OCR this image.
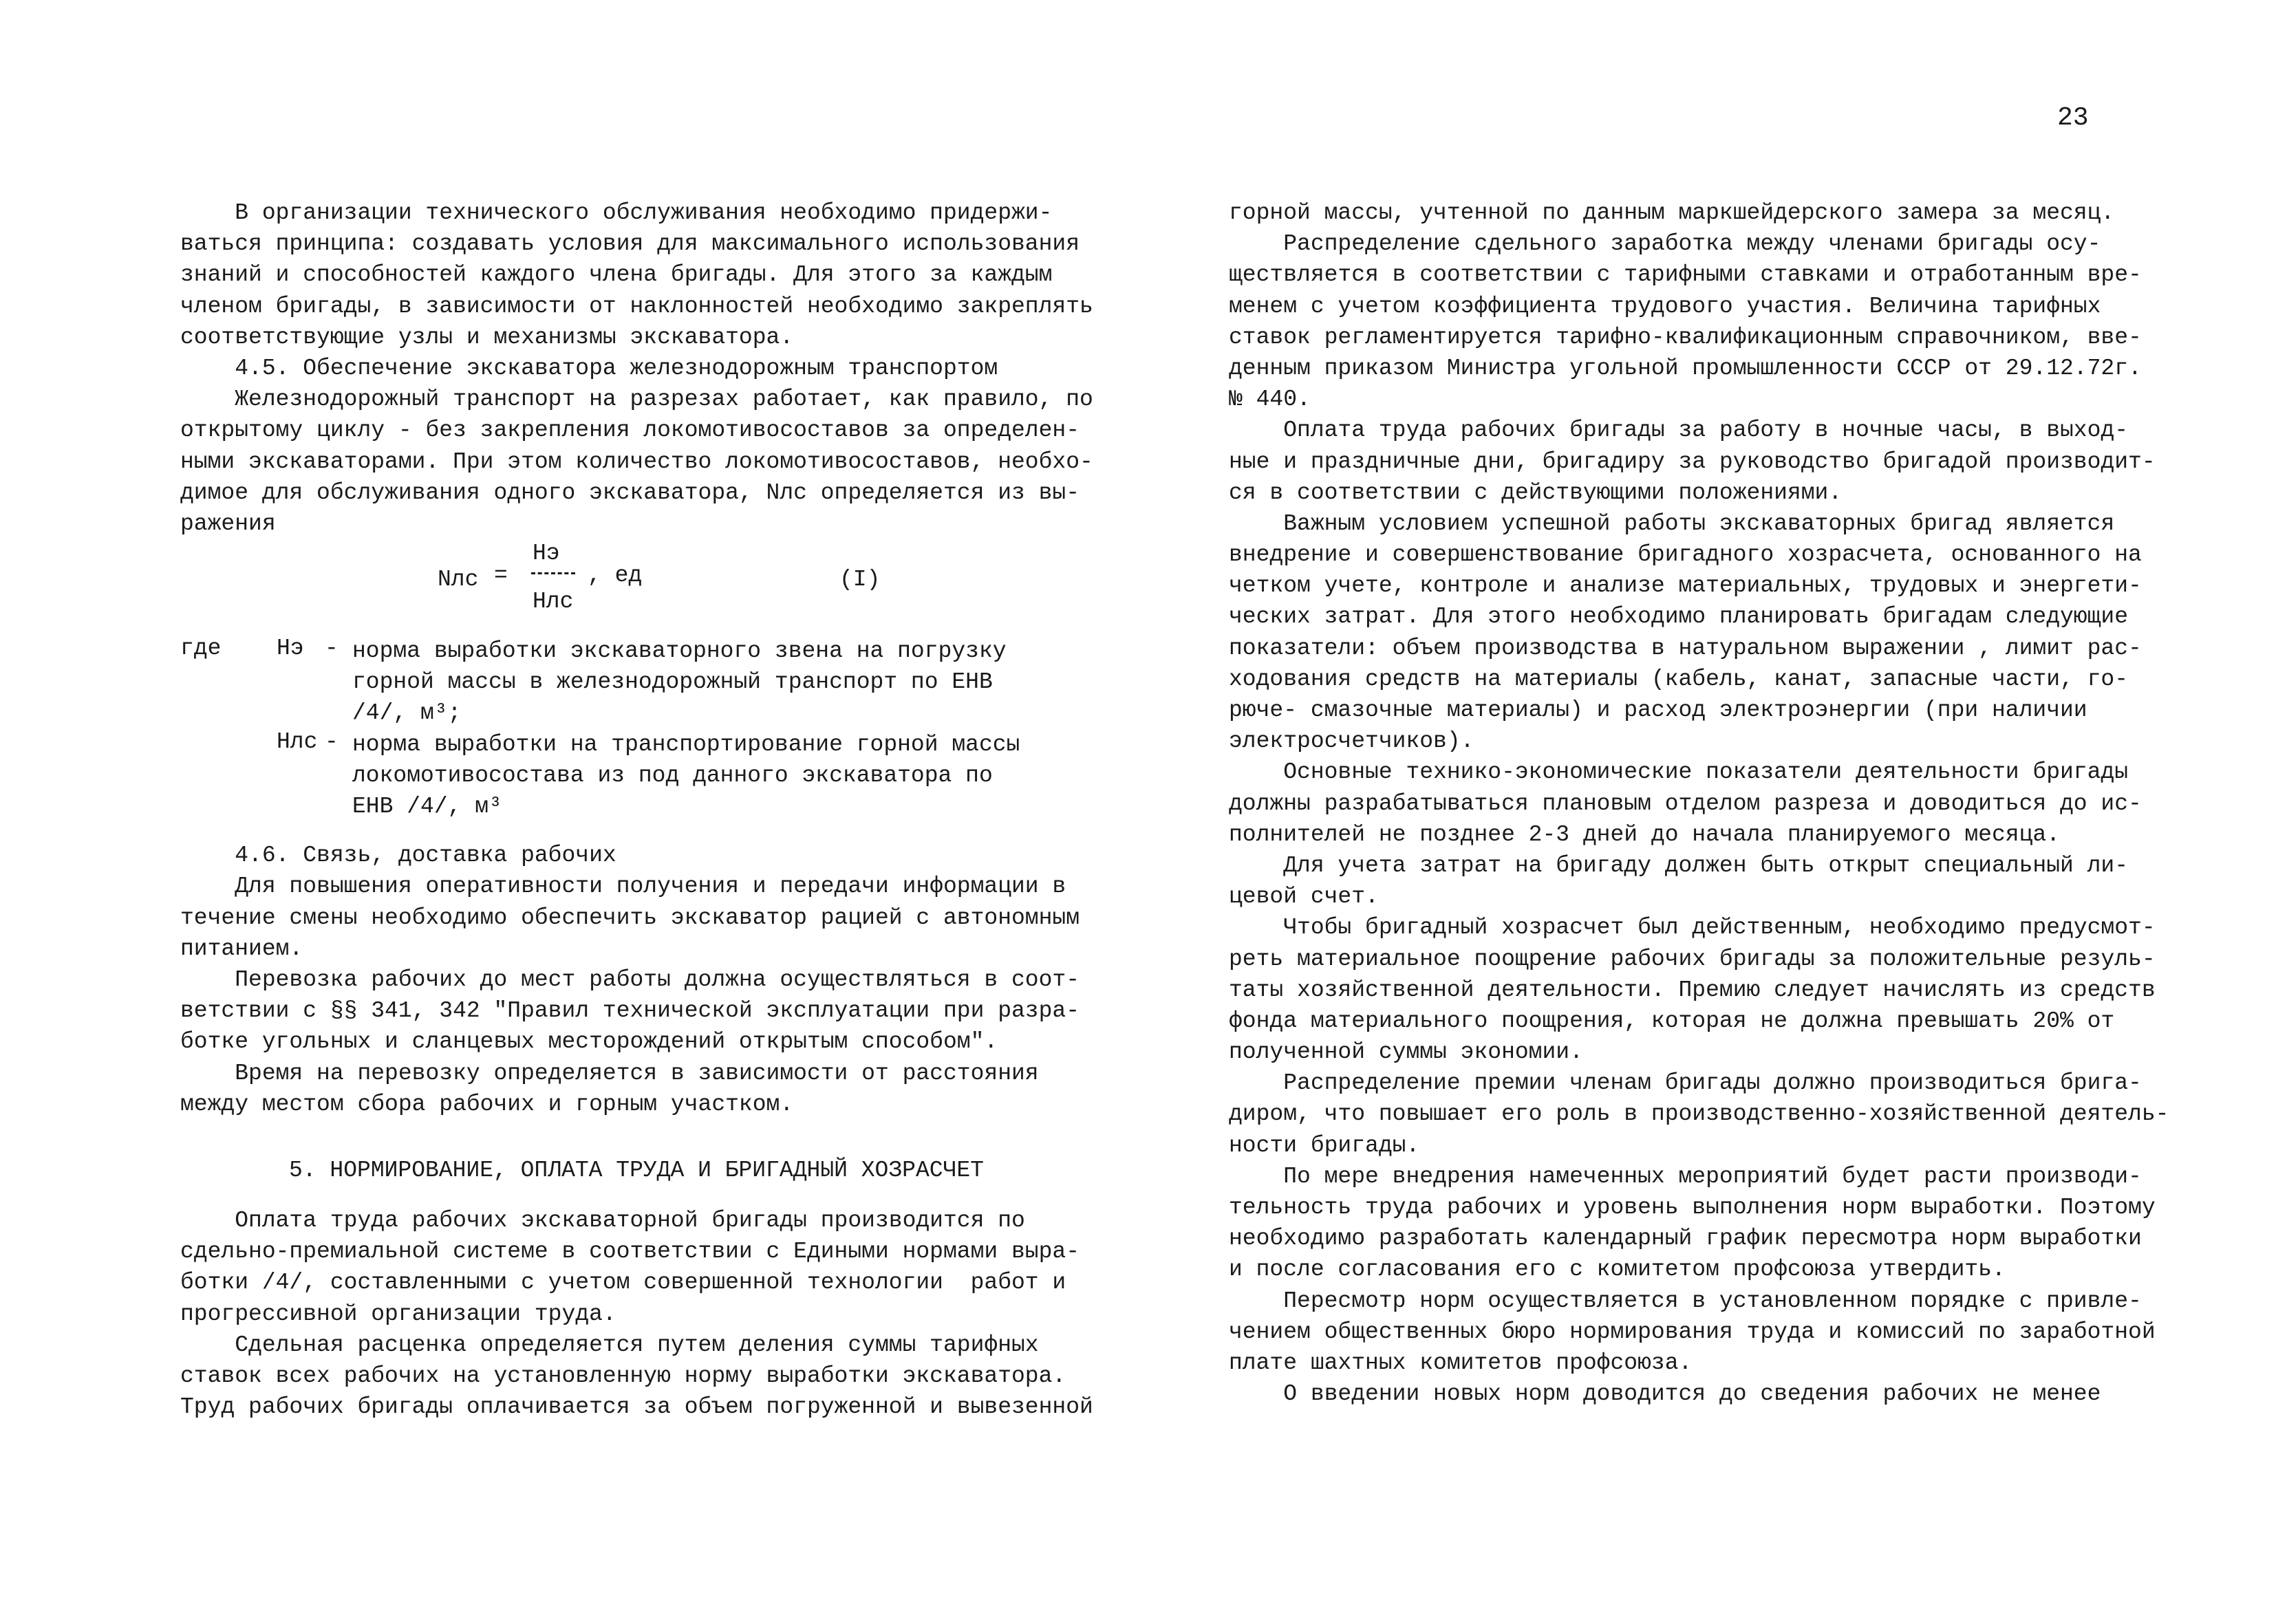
23
В организации технического обслуживания необходимо придержи-
ваться принципа: создавать условия для максимального использования
знаний и способностей каждого члена бригады. Для этого за каждым
членом бригады, в зависимости от наклонностей необходимо закреплять
соответствующие узлы и механизмы экскаватора.
4.5. Обеспечение экскаватора железнодорожным транспортом
Железнодорожный транспорт на разрезах работает, как правило, по
открытому циклу - без закрепления локомотивосоставов за определен-
ными экскаваторами. При этом количество локомотивосоставов, необхо-
димое для обслуживания одного экскаватора, Nлс определяется из вы-
ражения
Nлс =
Нэ
Нлс
, ед	(I)
где Нэ - норма выработки экскаваторного звена на погрузку
горной массы в железнодорожный транспорт по ЕНВ
/4/, м³;
Нлс - норма выработки на транспортирование горной массы
локомотивосостава из под данного экскаватора по
ЕНВ /4/, м³
4.6. Связь, доставка рабочих
Для повышения оперативности получения и передачи информации в
течение смены необходимо обеспечить экскаватор рацией с автономным
питанием.
Перевозка рабочих до мест работы должна осуществляться в соот-
ветствии с §§ 341, 342 "Правил технической эксплуатации при разра-
ботке угольных и сланцевых месторождений открытым способом".
Время на перевозку определяется в зависимости от расстояния
между местом сбора рабочих и горным участком.
5. НОРМИРОВАНИЕ, ОПЛАТА ТРУДА И БРИГАДНЫЙ ХОЗРАСЧЕТ
Оплата труда рабочих экскаваторной бригады производится по
сдельно-премиальной системе в соответствии с Едиными нормами выра-
ботки /4/, составленными с учетом совершенной технологии  работ и
прогрессивной организации труда.
Сдельная расценка определяется путем деления суммы тарифных
ставок всех рабочих на установленную норму выработки экскаватора.
Труд рабочих бригады оплачивается за объем погруженной и вывезенной
горной массы, учтенной по данным маркшейдерского замера за месяц.
Распределение сдельного заработка между членами бригады осу-
ществляется в соответствии с тарифными ставками и отработанным вре-
менем с учетом коэффициента трудового участия. Величина тарифных
ставок регламентируется тарифно-квалификационным справочником, вве-
денным приказом Министра угольной промышленности СССР от 29.12.72г.
№ 440.
Оплата труда рабочих бригады за работу в ночные часы, в выход-
ные и праздничные дни, бригадиру за руководство бригадой производит-
ся в соответствии с действующими положениями.
Важным условием успешной работы экскаваторных бригад является
внедрение и совершенствование бригадного хозрасчета, основанного на
четком учете, контроле и анализе материальных, трудовых и энергети-
ческих затрат. Для этого необходимо планировать бригадам следующие
показатели: объем производства в натуральном выражении , лимит рас-
ходования средств на материалы (кабель, канат, запасные части, го-
рюче- смазочные материалы) и расход электроэнергии (при наличии
электросчетчиков).
Основные технико-экономические показатели деятельности бригады
должны разрабатываться плановым отделом разреза и доводиться до ис-
полнителей не позднее 2-3 дней до начала планируемого месяца.
Для учета затрат на бригаду должен быть открыт специальный ли-
цевой счет.
Чтобы бригадный хозрасчет был действенным, необходимо предусмот-
реть материальное поощрение рабочих бригады за положительные резуль-
таты хозяйственной деятельности. Премию следует начислять из средств
фонда материального поощрения, которая не должна превышать 20% от
полученной суммы экономии.
Распределение премии членам бригады должно производиться брига-
диром, что повышает его роль в производственно-хозяйственной деятель-
ности бригады.
По мере внедрения намеченных мероприятий будет расти производи-
тельность труда рабочих и уровень выполнения норм выработки. Поэтому
необходимо разработать календарный график пересмотра норм выработки
и после согласования его с комитетом профсоюза утвердить.
Пересмотр норм осуществляется в установленном порядке с привле-
чением общественных бюро нормирования труда и комиссий по заработной
плате шахтных комитетов профсоюза.
О введении новых норм доводится до сведения рабочих не менее
